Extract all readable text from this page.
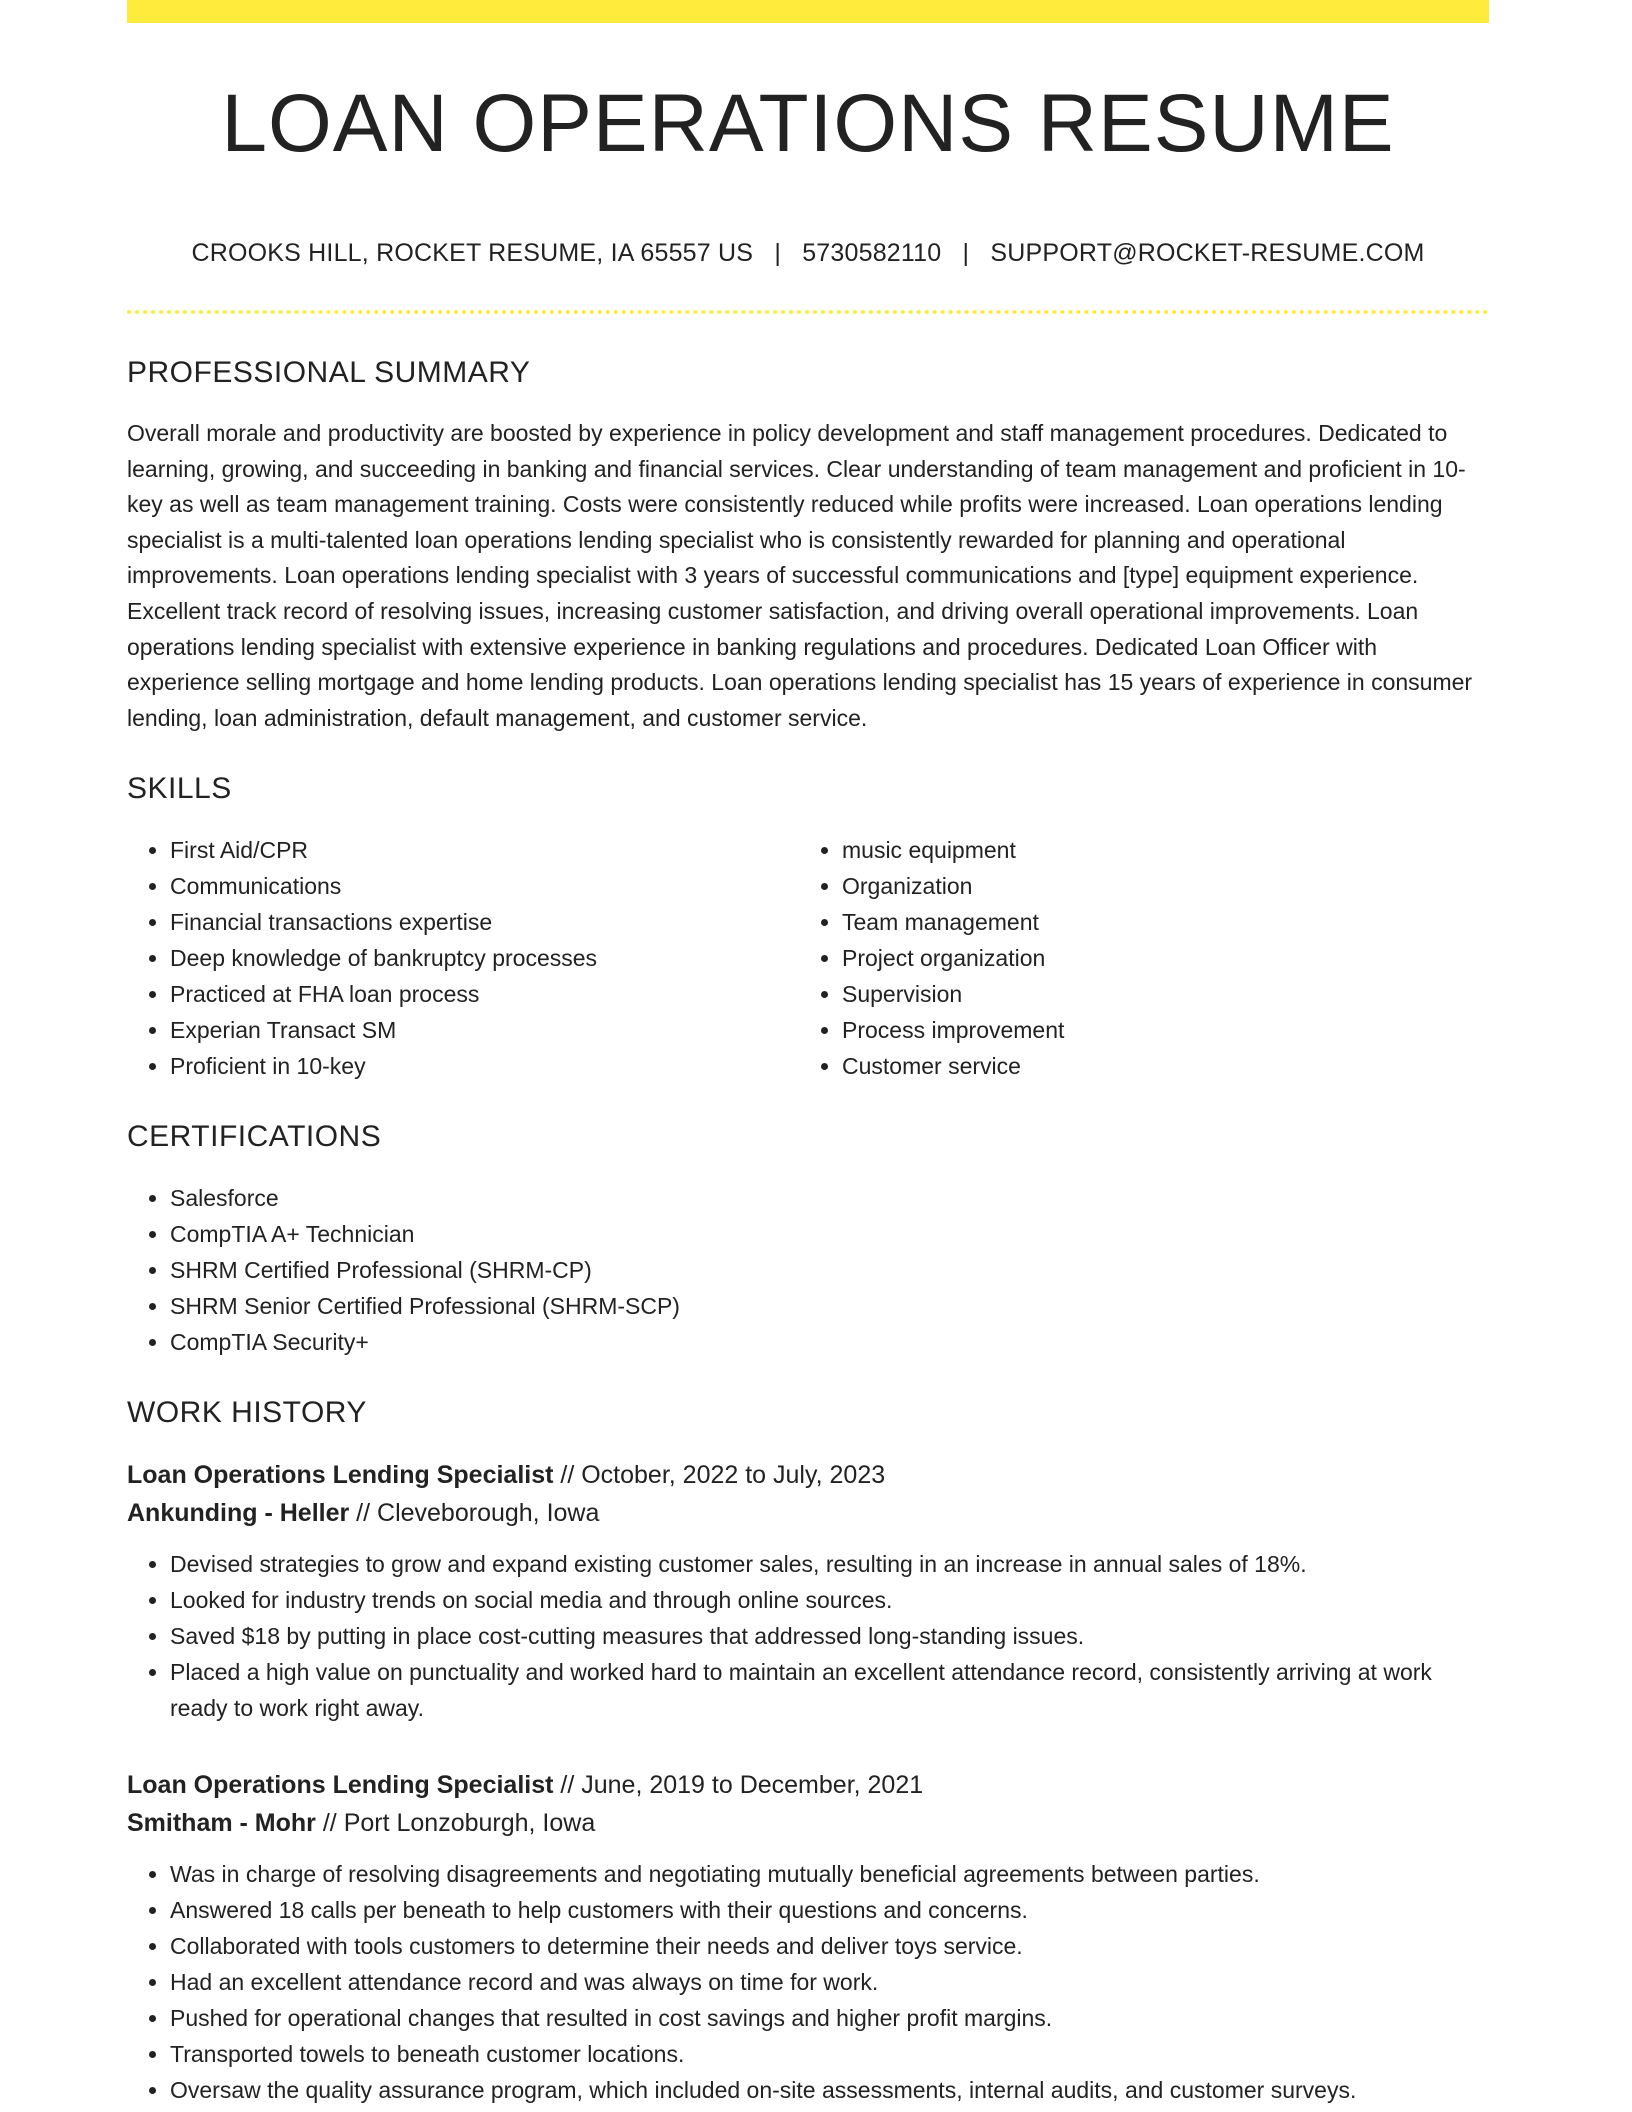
LOAN OPERATIONS RESUME
CROOKS HILL, ROCKET RESUME, IA 65557 US | 5730582110 | SUPPORT@ROCKET-RESUME.COM
PROFESSIONAL SUMMARY
Overall morale and productivity are boosted by experience in policy development and staff management procedures. Dedicated to learning, growing, and succeeding in banking and financial services. Clear understanding of team management and proficient in 10-key as well as team management training. Costs were consistently reduced while profits were increased. Loan operations lending specialist is a multi-talented loan operations lending specialist who is consistently rewarded for planning and operational improvements. Loan operations lending specialist with 3 years of successful communications and [type] equipment experience. Excellent track record of resolving issues, increasing customer satisfaction, and driving overall operational improvements. Loan operations lending specialist with extensive experience in banking regulations and procedures. Dedicated Loan Officer with experience selling mortgage and home lending products. Loan operations lending specialist has 15 years of experience in consumer lending, loan administration, default management, and customer service.
SKILLS
• First Aid/CPR
• Communications
• Financial transactions expertise
• Deep knowledge of bankruptcy processes
• Practiced at FHA loan process
• Experian Transact SM
• Proficient in 10-key
• music equipment
• Organization
• Team management
• Project organization
• Supervision
• Process improvement
• Customer service
CERTIFICATIONS
• Salesforce
• CompTIA A+ Technician
• SHRM Certified Professional (SHRM-CP)
• SHRM Senior Certified Professional (SHRM-SCP)
• CompTIA Security+
WORK HISTORY
Loan Operations Lending Specialist // October, 2022 to July, 2023
Ankunding - Heller // Cleveborough, Iowa
• Devised strategies to grow and expand existing customer sales, resulting in an increase in annual sales of 18%.
• Looked for industry trends on social media and through online sources.
• Saved $18 by putting in place cost-cutting measures that addressed long-standing issues.
• Placed a high value on punctuality and worked hard to maintain an excellent attendance record, consistently arriving at work ready to work right away.
Loan Operations Lending Specialist // June, 2019 to December, 2021
Smitham - Mohr // Port Lonzoburgh, Iowa
• Was in charge of resolving disagreements and negotiating mutually beneficial agreements between parties.
• Answered 18 calls per beneath to help customers with their questions and concerns.
• Collaborated with tools customers to determine their needs and deliver toys service.
• Had an excellent attendance record and was always on time for work.
• Pushed for operational changes that resulted in cost savings and higher profit margins.
• Transported towels to beneath customer locations.
• Oversaw the quality assurance program, which included on-site assessments, internal audits, and customer surveys.
